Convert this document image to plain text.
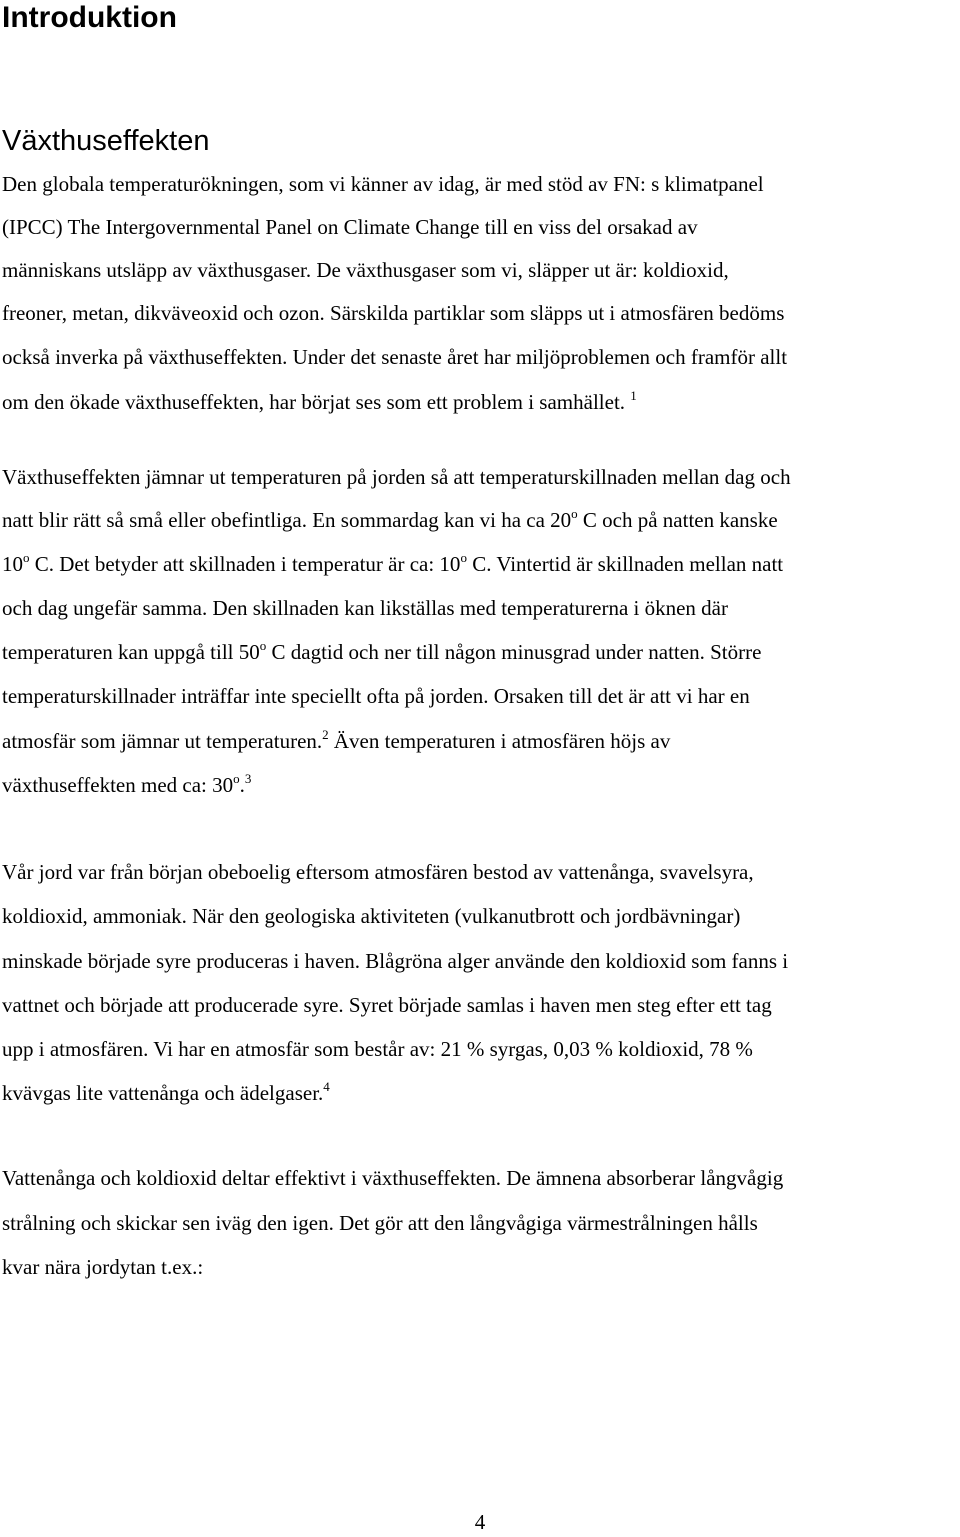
Introduktion
Växthuseffekten

Den globala temperaturökningen, som vi känner av idag, är med stöd av FN: s klimatpanel

(IPCC) The Intergovernmental Panel on Climate Change till en viss del orsakad av

människans utsläpp av växthusgaser. De växthusgaser som vi, släpper ut är: koldioxid,

freoner, metan, dikväveoxid och ozon. Särskilda partiklar som släpps ut i atmosfären bedöms

också inverka på växthuseffekten. Under det senaste året har miljöproblemen och framför allt

om den ökade växthuseffekten, har börjat ses som ett problem i samhället. $^1$

Växthuseffekten jämnar ut temperaturen på jorden så att temperaturskillnaden mellan dag och

natt blir rätt så små eller obefintliga. En sommardag kan vi ha ca 20$^o$ C och på natten kanske

10$^o$ C. Det betyder att skillnaden i temperatur är ca: 10$^o$ C. Vintertid är skillnaden mellan natt

och dag ungefär samma. Den skillnaden kan likställas med temperaturerna i öknen där

temperaturen kan uppgå till 50$^o$ C dagtid och ner till någon minusgrad under natten. Större

temperaturskillnader inträffar inte speciellt ofta på jorden. Orsaken till det är att vi har en

atmosfär som jämnar ut temperaturen.$^2$ Även temperaturen i atmosfären höjs av

växthuseffekten med ca: 30$^o$.$^3$

Vår jord var från början obeboelig eftersom atmosfären bestod av vattenånga, svavelsyra,

koldioxid, ammoniak. När den geologiska aktiviteten (vulkanutbrott och jordbävningar)

minskade började syre produceras i haven. Blågröna alger använde den koldioxid som fanns i

vattnet och började att producerade syre. Syret började samlas i haven men steg efter ett tag

upp i atmosfären. Vi har en atmosfär som består av: 21 % syrgas, 0,03 % koldioxid, 78 %

kvävgas lite vattenånga och ädelgaser.$^4$

Vattenånga och koldioxid deltar effektivt i växthuseffekten. De ämnena absorberar långvågig

strålning och skickar sen iväg den igen. Det gör att den långvågiga värmestrålningen hålls

kvar nära jordytan t.ex.:

4
